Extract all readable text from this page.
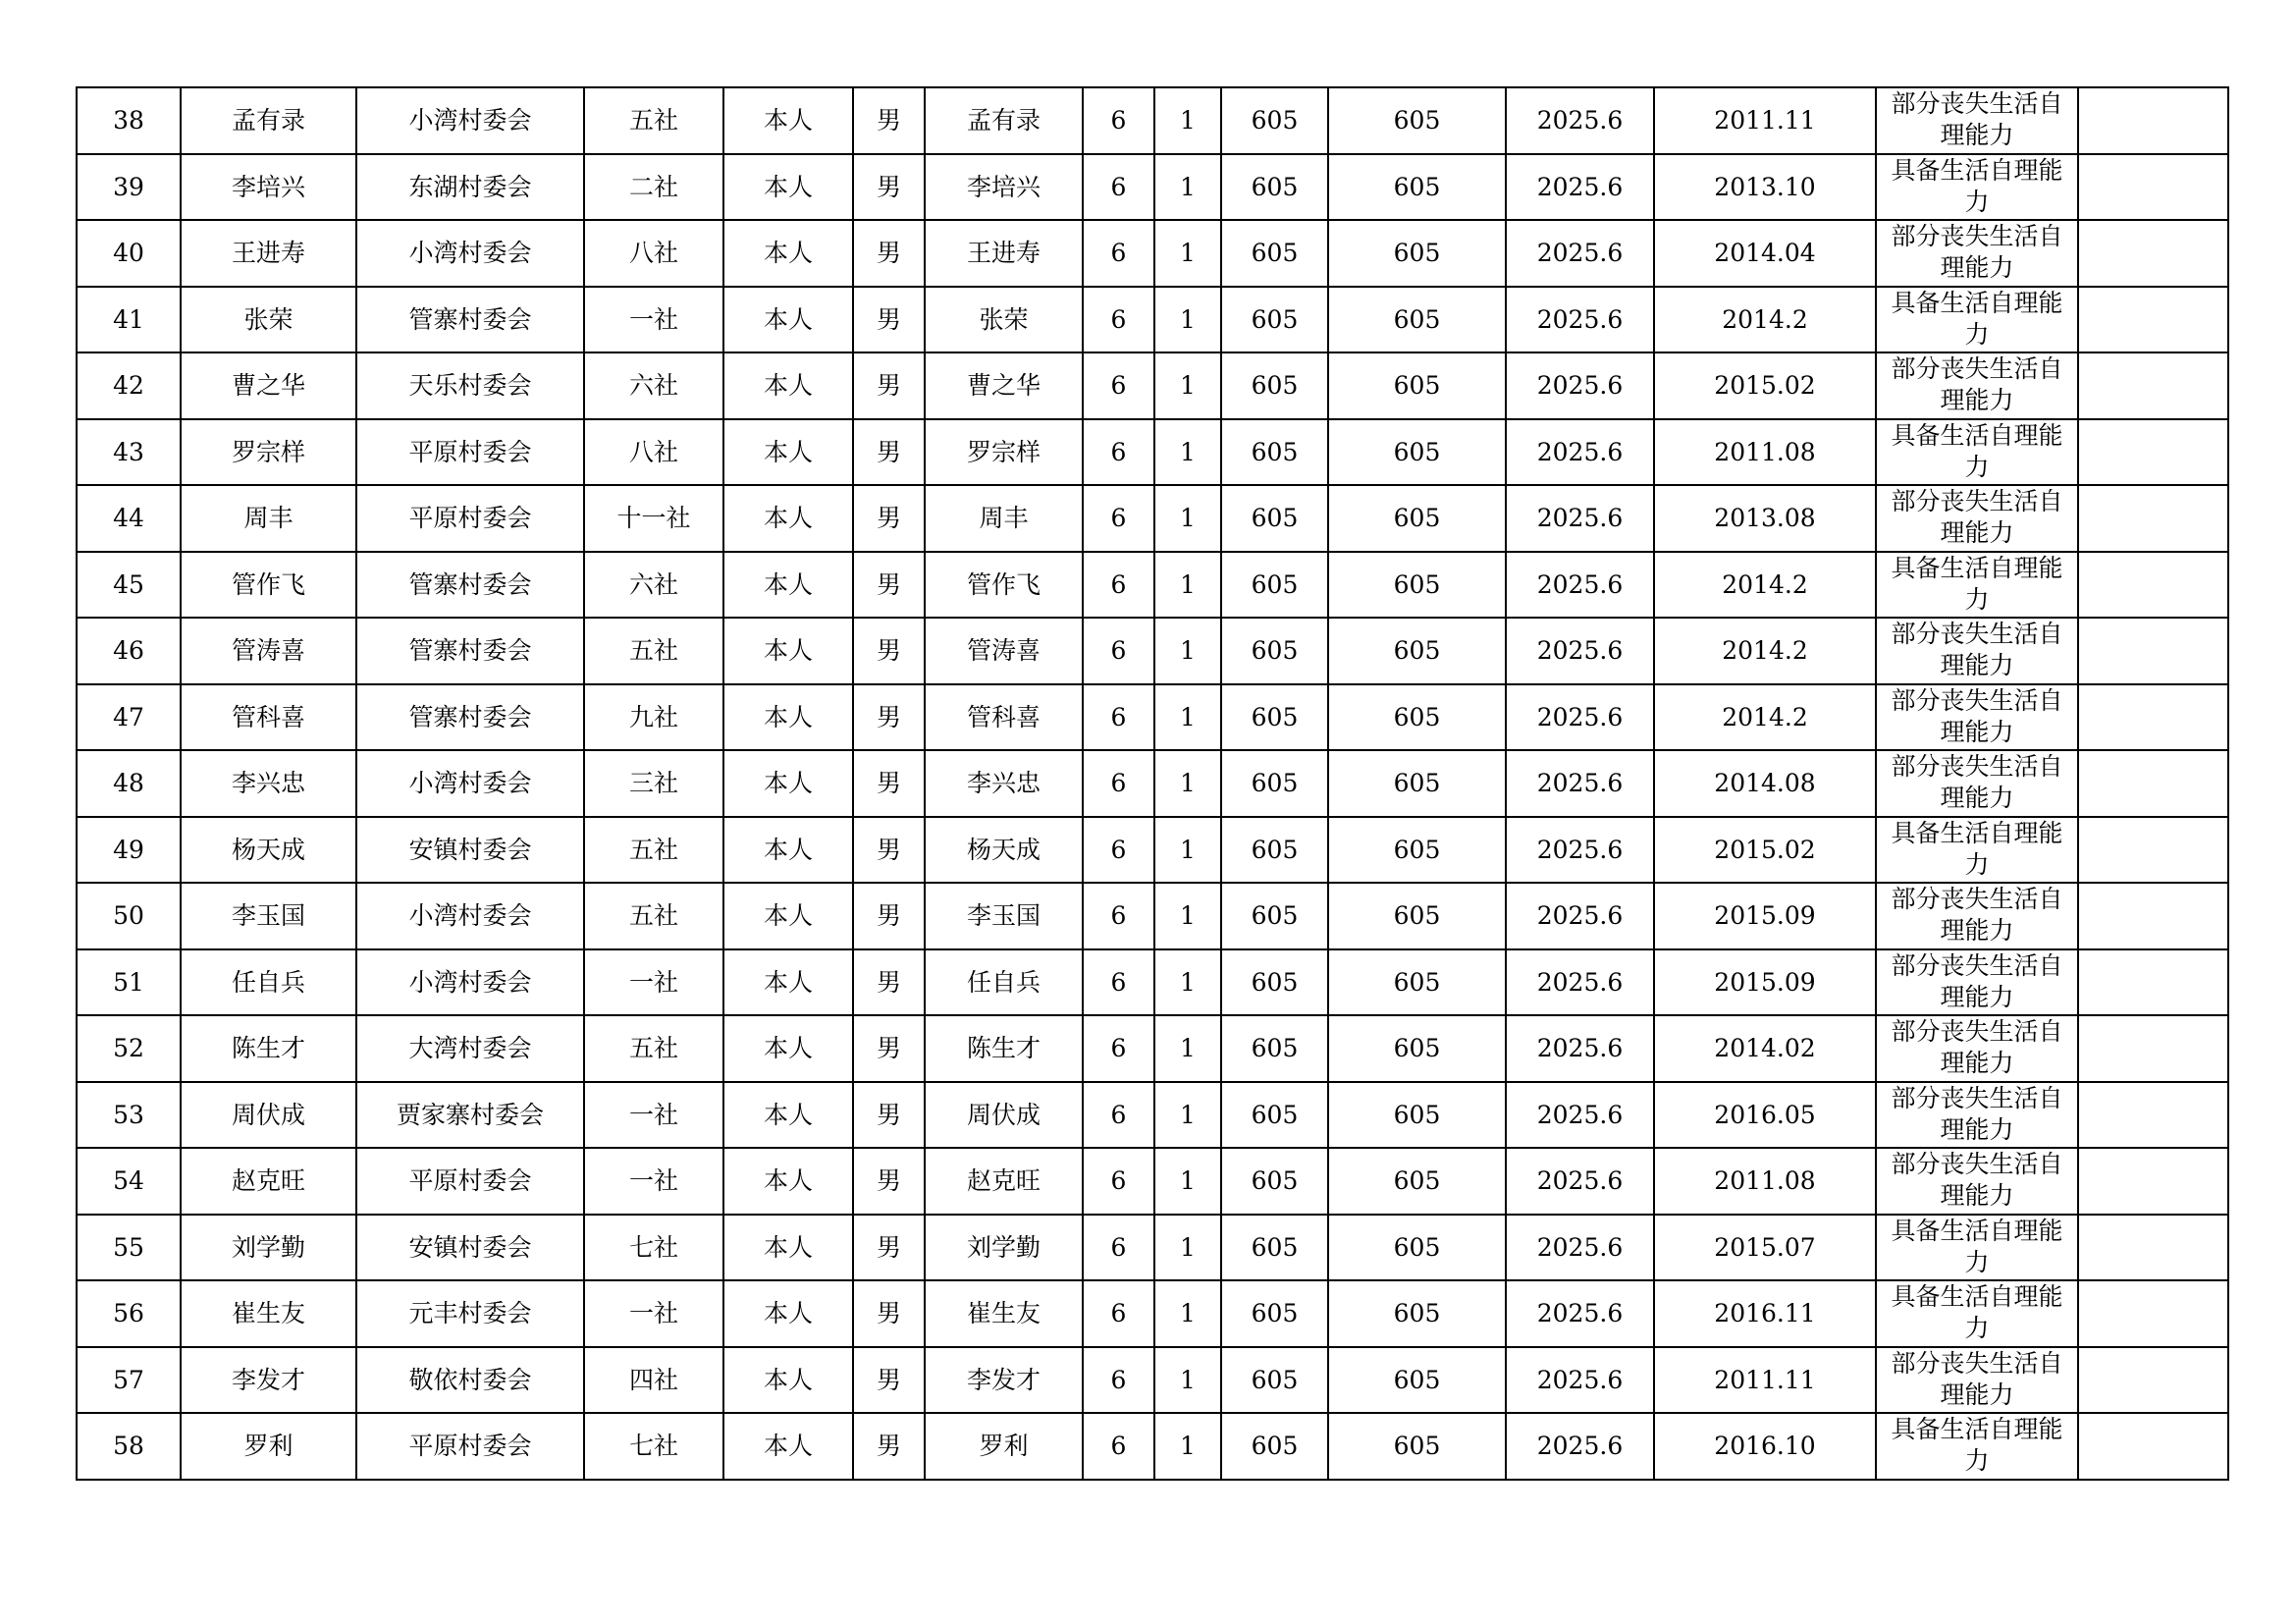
38	孟有录	小湾村委会	五社	本人	男	孟有录	6	1	605	605	2025.6	2011.11	部分丧失生活自理能力	

39	李培兴	东湖村委会	二社	本人	男	李培兴	6	1	605	605	2025.6	2013.10	具备生活自理能力	

40	王进寿	小湾村委会	八社	本人	男	王进寿	6	1	605	605	2025.6	2014.04	部分丧失生活自理能力	

41	张荣	管寨村委会	一社	本人	男	张荣	6	1	605	605	2025.6	2014.2	具备生活自理能力	

42	曹之华	天乐村委会	六社	本人	男	曹之华	6	1	605	605	2025.6	2015.02	部分丧失生活自理能力	

43	罗宗样	平原村委会	八社	本人	男	罗宗样	6	1	605	605	2025.6	2011.08	具备生活自理能力	

44	周丰	平原村委会	十一社	本人	男	周丰	6	1	605	605	2025.6	2013.08	部分丧失生活自理能力	

45	管作飞	管寨村委会	六社	本人	男	管作飞	6	1	605	605	2025.6	2014.2	具备生活自理能力	

46	管涛喜	管寨村委会	五社	本人	男	管涛喜	6	1	605	605	2025.6	2014.2	部分丧失生活自理能力	

47	管科喜	管寨村委会	九社	本人	男	管科喜	6	1	605	605	2025.6	2014.2	部分丧失生活自理能力	

48	李兴忠	小湾村委会	三社	本人	男	李兴忠	6	1	605	605	2025.6	2014.08	部分丧失生活自理能力	

49	杨天成	安镇村委会	五社	本人	男	杨天成	6	1	605	605	2025.6	2015.02	具备生活自理能力	

50	李玉国	小湾村委会	五社	本人	男	李玉国	6	1	605	605	2025.6	2015.09	部分丧失生活自理能力	

51	任自兵	小湾村委会	一社	本人	男	任自兵	6	1	605	605	2025.6	2015.09	部分丧失生活自理能力	

52	陈生才	大湾村委会	五社	本人	男	陈生才	6	1	605	605	2025.6	2014.02	部分丧失生活自理能力	

53	周伏成	贾家寨村委会	一社	本人	男	周伏成	6	1	605	605	2025.6	2016.05	部分丧失生活自理能力	

54	赵克旺	平原村委会	一社	本人	男	赵克旺	6	1	605	605	2025.6	2011.08	部分丧失生活自理能力	

55	刘学勤	安镇村委会	七社	本人	男	刘学勤	6	1	605	605	2025.6	2015.07	具备生活自理能力	

56	崔生友	元丰村委会	一社	本人	男	崔生友	6	1	605	605	2025.6	2016.11	具备生活自理能力	

57	李发才	敬依村委会	四社	本人	男	李发才	6	1	605	605	2025.6	2011.11	部分丧失生活自理能力	

58	罗利	平原村委会	七社	本人	男	罗利	6	1	605	605	2025.6	2016.10	具备生活自理能力	
